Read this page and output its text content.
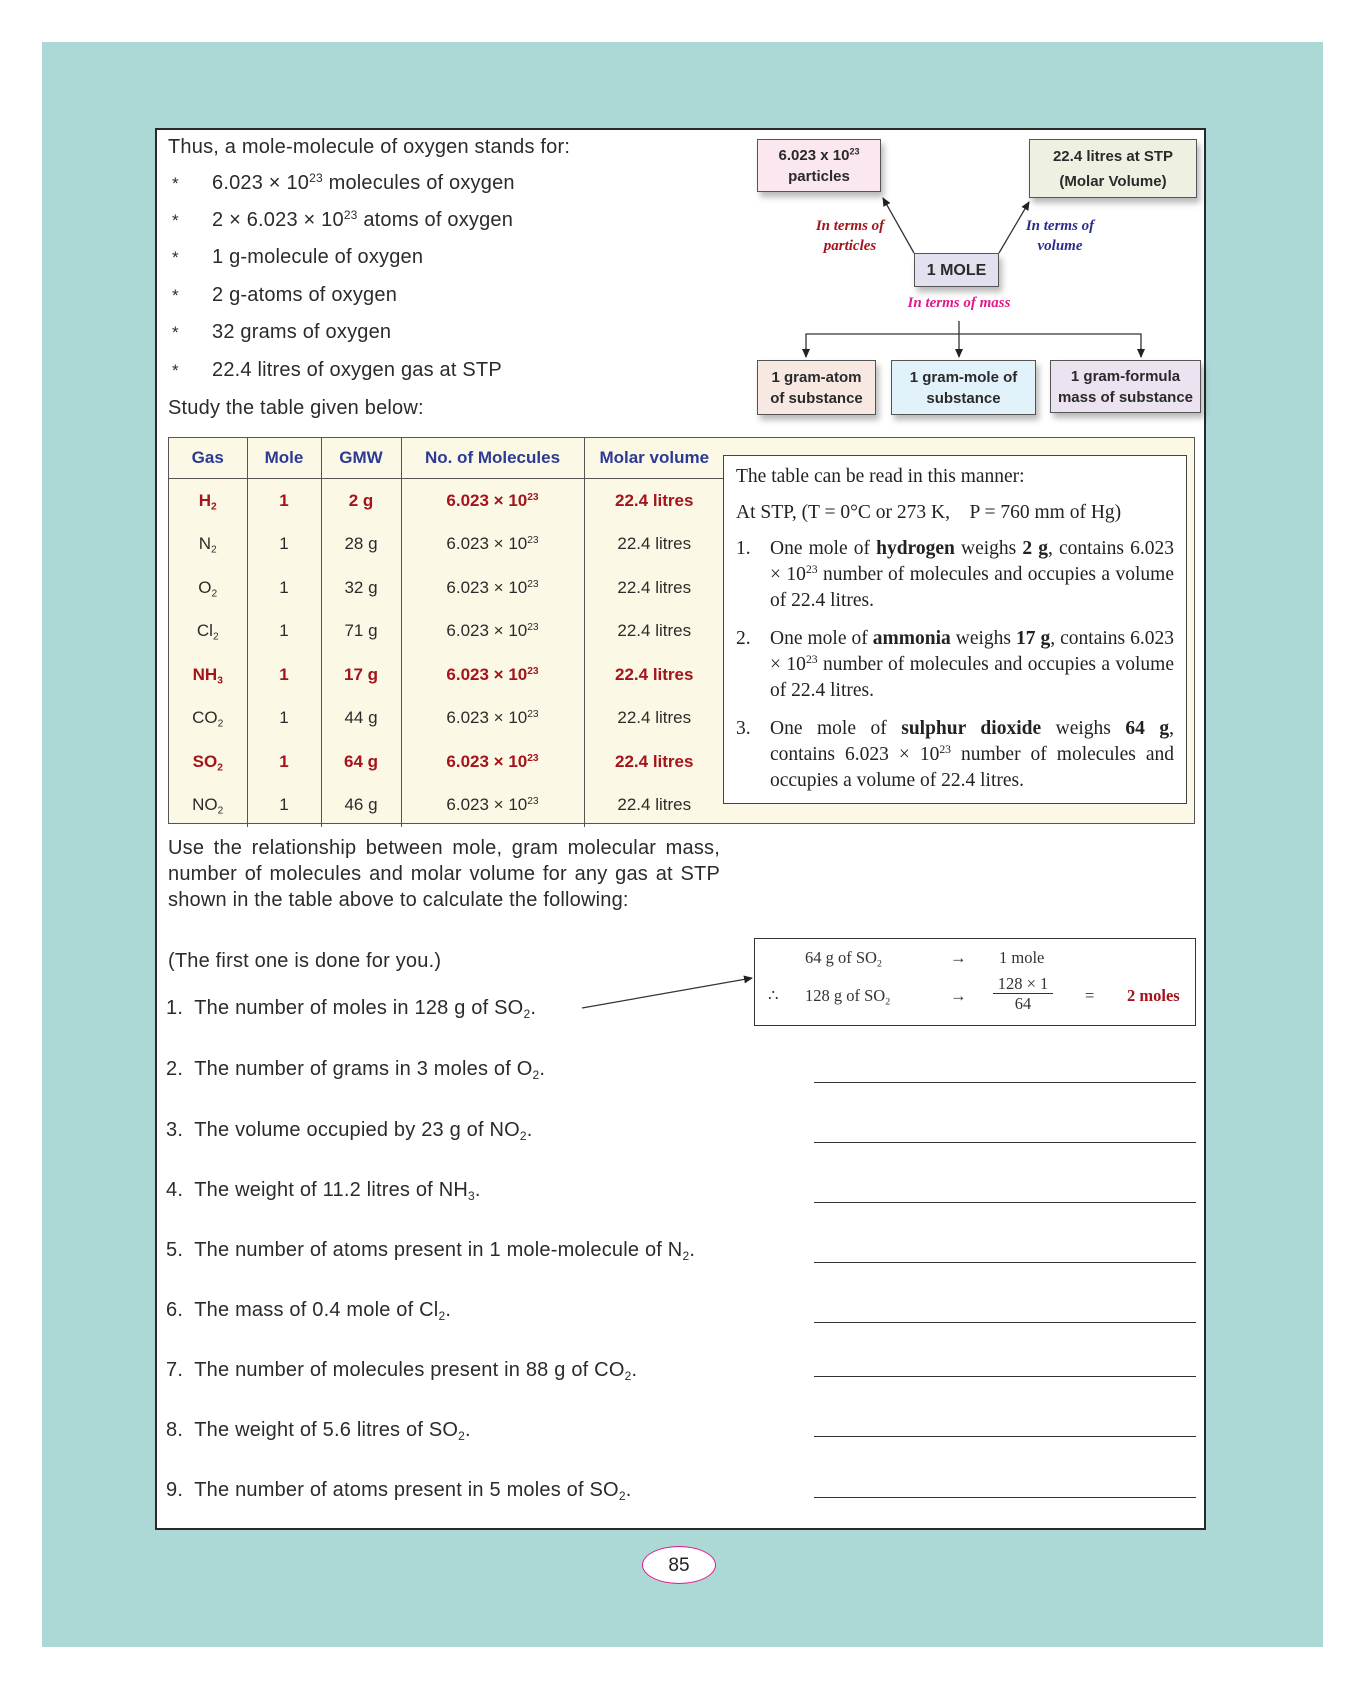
Thus, a mole-molecule of oxygen stands for:
* $6.023 \times 10^{23}$ molecules of oxygen
* $2 \times 6.023 \times 10^{23}$ atoms of oxygen
* 1 g-molecule of oxygen
* 2 g-atoms of oxygen
* 32 grams of oxygen
* 22.4 litres of oxygen gas at STP
Study the table given below:
6.023 x $10^{23}$
particles
22.4 litres at STP
(Molar Volume)
1 MOLE
In terms of
particles
In terms of
volume
In terms of mass
1 gram-atom
of substance
1 gram-mole of
substance
1 gram-formula
mass of substance
Gas	Mole	GMW	No. of Molecules	Molar volume
$H_2$	1	2 g	$6.023 \times 10^{23}$	22.4 litres
$N_2$	1	28 g	$6.023 \times 10^{23}$	22.4 litres
$O_2$	1	32 g	$6.023 \times 10^{23}$	22.4 litres
$Cl_2$	1	71 g	$6.023 \times 10^{23}$	22.4 litres
$NH_3$	1	17 g	$6.023 \times 10^{23}$	22.4 litres
$CO_2$	1	44 g	$6.023 \times 10^{23}$	22.4 litres
$SO_2$	1	64 g	$6.023 \times 10^{23}$	22.4 litres
$NO_2$	1	46 g	$6.023 \times 10^{23}$	22.4 litres

The table can be read in this manner:

At STP, (T = 0°C or 273 K,    P = 760 mm of Hg)

1. One mole of hydrogen weighs 2 g, contains $6.023 \times 10^{23}$ number of molecules and occupies a volume of 22.4 litres.
2. One mole of ammonia weighs 17 g, contains $6.023 \times 10^{23}$ number of molecules and occupies a volume of 22.4 litres.
3. One mole of sulphur dioxide weighs 64 g, contains $6.023 \times 10^{23}$ number of molecules and occupies a volume of 22.4 litres.
Use the relationship between mole, gram molecular mass, number of molecules and molar volume for any gas at STP shown in the table above to calculate the following:
(The first one is done for you.)	64 g of $SO_2$	→ 1 mole
∴ 128 g of $SO_2$	→
128 × 1
64	= 2 moles
1. The number of moles in 128 g of $SO_2$.
2. The number of grams in 3 moles of $O_2$.
3. The volume occupied by 23 g of $NO_2$.
4. The weight of 11.2 litres of $NH_3$.
5. The number of atoms present in 1 mole-molecule of $N_2$.
6. The mass of 0.4 mole of $Cl_2$.
7. The number of molecules present in 88 g of $CO_2$.
8. The weight of 5.6 litres of $SO_2$.
9. The number of atoms present in 5 moles of $SO_2$.
85
